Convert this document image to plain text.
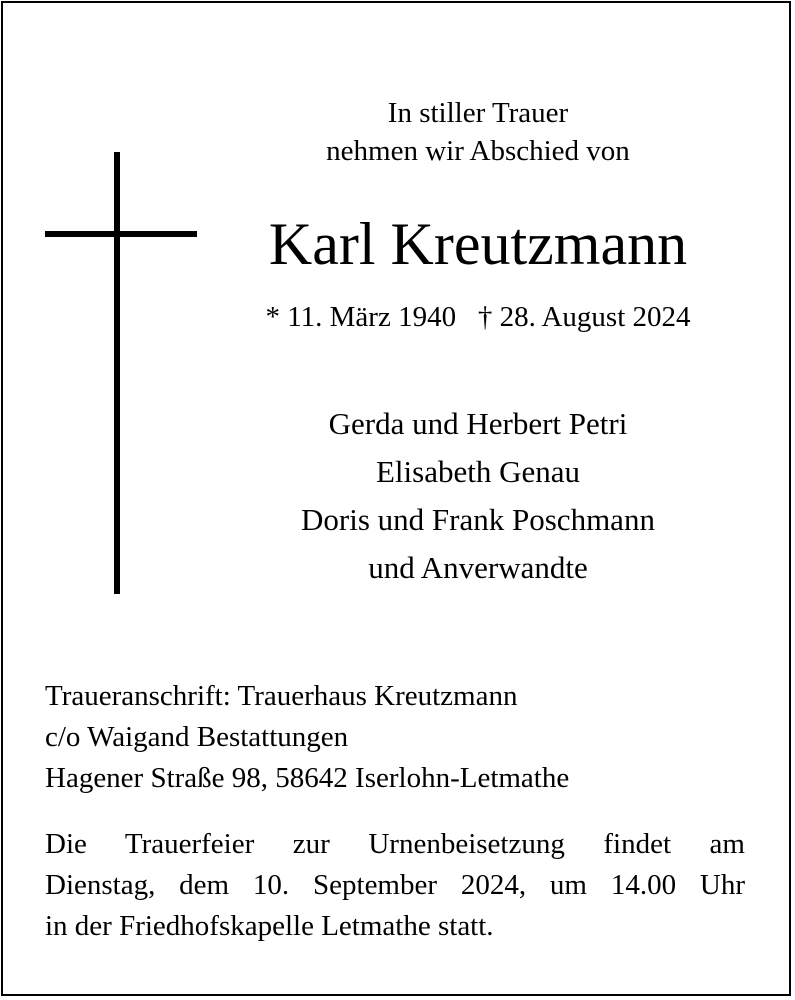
In stiller Trauer
nehmen wir Abschied von
Karl Kreutzmann
* 11. März 1940 † 28. August 2024
Gerda und Herbert Petri
Elisabeth Genau
Doris und Frank Poschmann
und Anverwandte
Traueranschrift: Trauerhaus Kreutzmann
c/o Waigand Bestattungen
Hagener Straße 98, 58642 Iserlohn-Letmathe
Die Trauerfeier zur Urnenbeisetzung findet am
Dienstag, dem 10. September 2024, um 14.00 Uhr
in der Friedhofskapelle Letmathe statt.
